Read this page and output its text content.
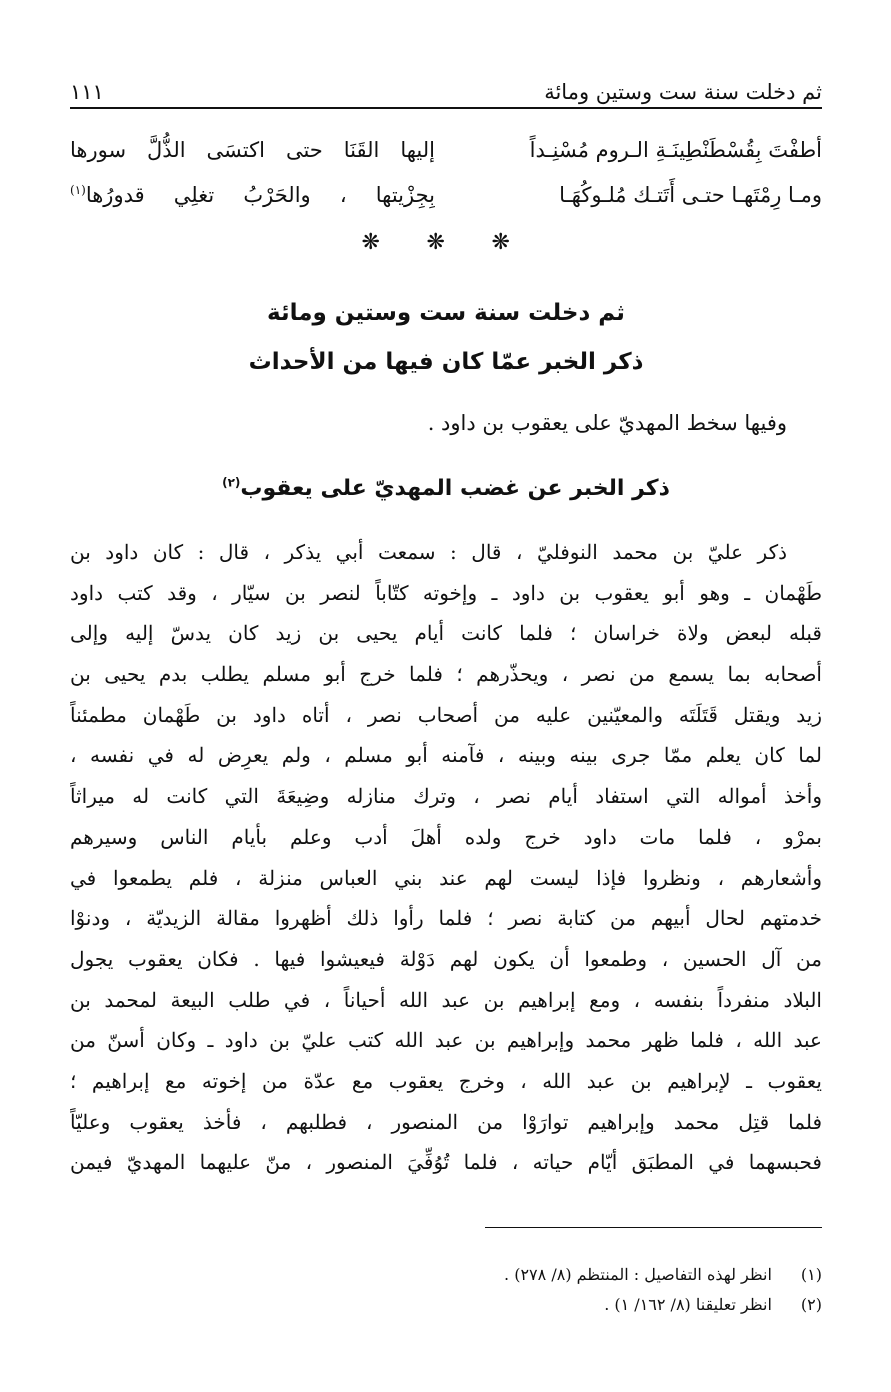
ثم دخلت سنة ست وستين ومائة
١١١
أطفْتَ بِقُسْطَنْطِينَـةِ الـروم مُسْنِـداً
إليها القَنَا حتى اكتسَى الذُّلَّ سورها
ومـا رِمْتَهـا حتـى أَتَتـك مُلـوكُهَـا
بِجِزْيتها ، والحَرْبُ تغلِي قدورُها$^{(١)}$
❋ ❋ ❋
ثم دخلت سنة ست وستين ومائة
ذكر الخبر عمّا كان فيها من الأحداث
وفيها سخط المهديّ على يعقوب بن داود .
ذكر الخبر عن غضب المهديّ على يعقوب$^{(٢)}$
ذكر عليّ بن محمد النوفليّ ، قال : سمعت أبي يذكر ، قال : كان داود بن
طَهْمان ـ وهو أبو يعقوب بن داود ـ وإخوته كتّاباً لنصر بن سيّار ، وقد كتب داود
قبله لبعض ولاة خراسان ؛ فلما كانت أيام يحيى بن زيد كان يدسّ إليه وإلى
أصحابه بما يسمع من نصر ، ويحذّرهم ؛ فلما خرج أبو مسلم يطلب بدم يحيى بن
زيد ويقتل قَتَلَتَه والمعيّنين عليه من أصحاب نصر ، أتاه داود بن طَهْمان مطمئناً
لما كان يعلم ممّا جرى بينه وبينه ، فآمنه أبو مسلم ، ولم يعرِض له في نفسه ،
وأخذ أمواله التي استفاد أيام نصر ، وترك منازله وضِيعَةَ التي كانت له ميراثاً
بمرْو ، فلما مات داود خرج ولده أهلَ أدب وعلم بأيام الناس وسيرهم
وأشعارهم ، ونظروا فإذا ليست لهم عند بني العباس منزلة ، فلم يطمعوا في
خدمتهم لحال أبيهم من كتابة نصر ؛ فلما رأوا ذلك أظهروا مقالة الزيديّة ، ودنوْا
من آل الحسين ، وطمعوا أن يكون لهم دَوْلة فيعيشوا فيها . فكان يعقوب يجول
البلاد منفرداً بنفسه ، ومع إبراهيم بن عبد الله أحياناً ، في طلب البيعة لمحمد بن
عبد الله ، فلما ظهر محمد وإبراهيم بن عبد الله كتب عليّ بن داود ـ وكان أسنّ من
يعقوب ـ لإبراهيم بن عبد الله ، وخرج يعقوب مع عدّة من إخوته مع إبراهيم ؛
فلما قتِل محمد وإبراهيم توارَوْا من المنصور ، فطلبهم ، فأخذ يعقوب وعليّاً
فحبسهما في المطبَق أيّام حياته ، فلما تُوُفِّيَ المنصور ، منّ عليهما المهديّ فيمن
(١) انظر لهذه التفاصيل : المنتظم (٨/ ٢٧٨) .
(٢) انظر تعليقنا (٨/ ١٦٢/ ١) .
